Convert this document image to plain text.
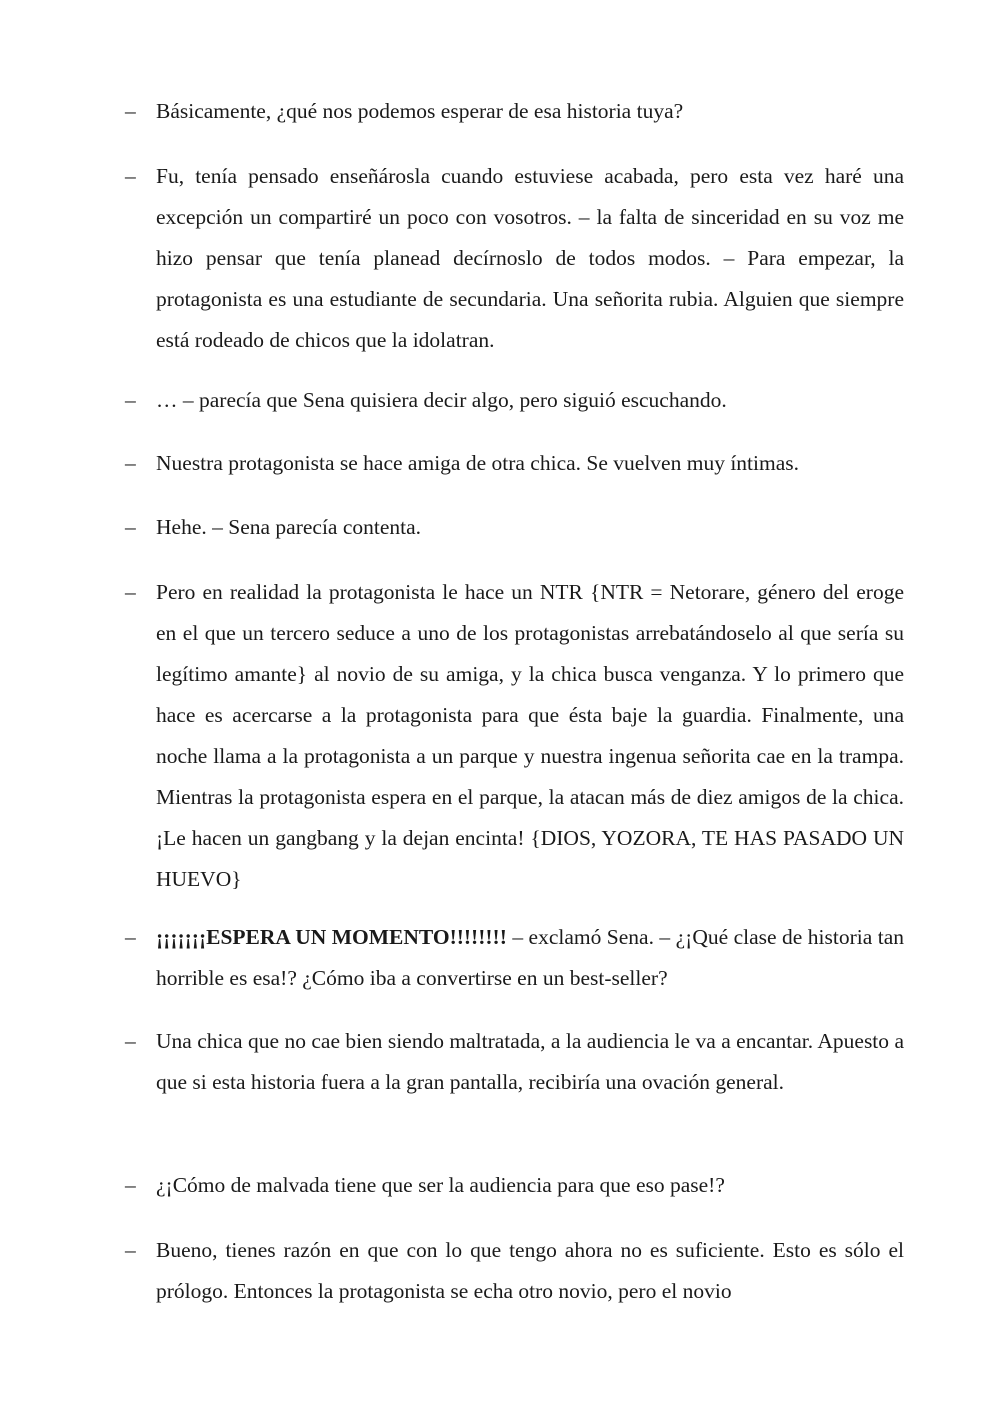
– Básicamente, ¿qué nos podemos esperar de esa historia tuya?

– Fu, tenía pensado enseñárosla cuando estuviese acabada, pero esta vez haré una excepción un compartiré un poco con vosotros. – la falta de sinceridad en su voz me hizo pensar que tenía planead decírnoslo de todos modos. – Para empezar, la protagonista es una estudiante de secundaria. Una señorita rubia. Alguien que siempre está rodeado de chicos que la idolatran.

– … – parecía que Sena quisiera decir algo, pero siguió escuchando.

– Nuestra protagonista se hace amiga de otra chica. Se vuelven muy íntimas.

– Hehe. – Sena parecía contenta.

– Pero en realidad la protagonista le hace un NTR {NTR = Netorare, género del eroge en el que un tercero seduce a uno de los protagonistas arrebatándoselo al que sería su legítimo amante} al novio de su amiga, y la chica busca venganza. Y lo primero que hace es acercarse a la protagonista para que ésta baje la guardia. Finalmente, una noche llama a la protagonista a un parque y nuestra ingenua señorita cae en la trampa. Mientras la protagonista espera en el parque, la atacan más de diez amigos de la chica. ¡Le hacen un gangbang y la dejan encinta! {DIOS, YOZORA, TE HAS PASADO UN HUEVO}

– ¡¡¡¡¡¡¡ESPERA UN MOMENTO!!!!!!!! – exclamó Sena. – ¿¡Qué clase de historia tan horrible es esa!? ¿Cómo iba a convertirse en un best-seller?

– Una chica que no cae bien siendo maltratada, a la audiencia le va a encantar. Apuesto a que si esta historia fuera a la gran pantalla, recibiría una ovación general.

– ¿¡Cómo de malvada tiene que ser la audiencia para que eso pase!?

– Bueno, tienes razón en que con lo que tengo ahora no es suficiente. Esto es sólo el prólogo. Entonces la protagonista se echa otro novio, pero el novio
